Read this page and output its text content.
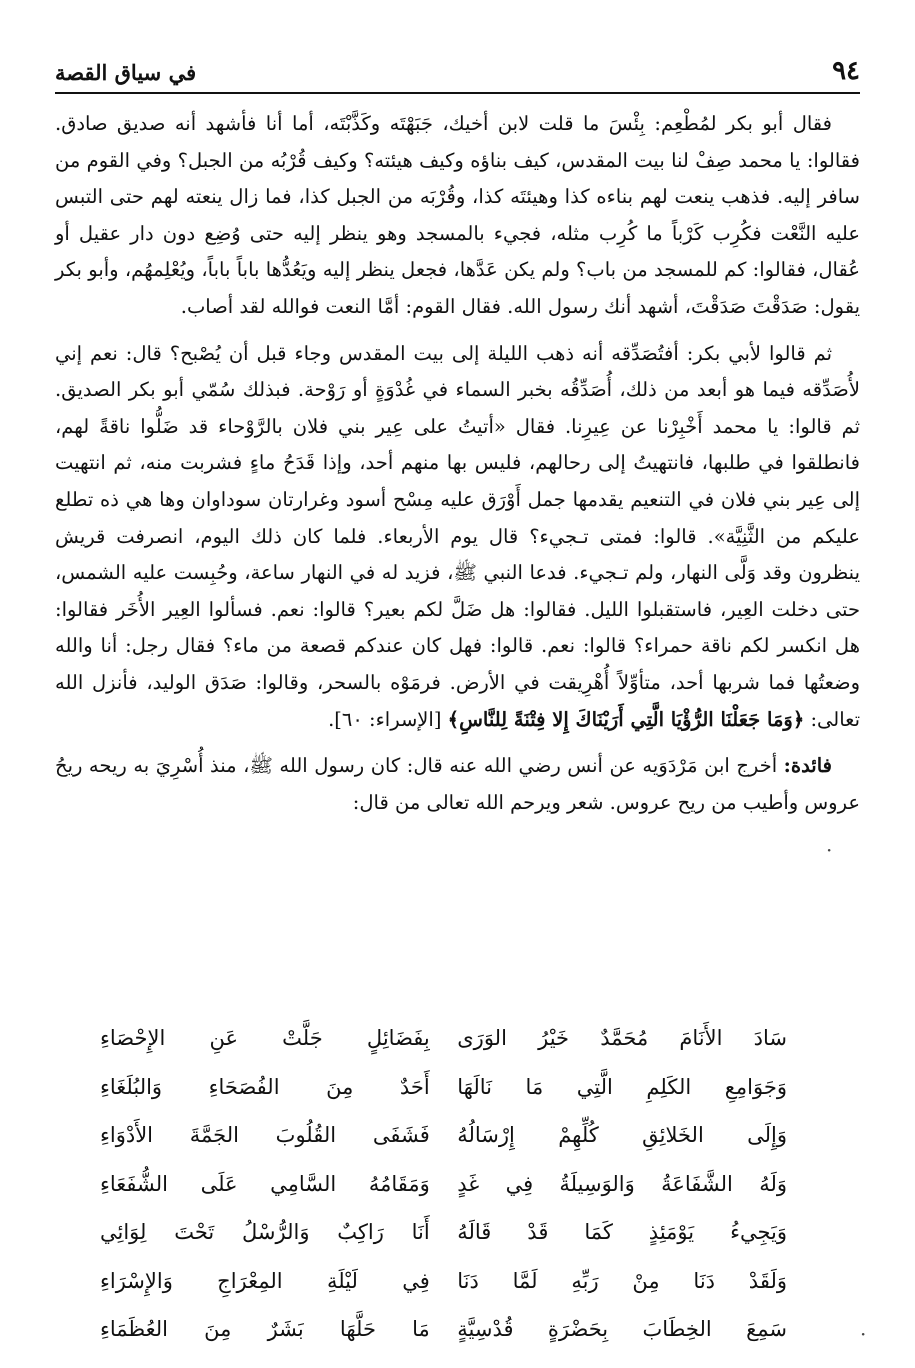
٩٤
في سياق القصة

فقال أبو بكر لمُطْعِم: بِئْسَ ما قلت لابن أخيك، جَبَهْتَه وكَذَّبْتَه، أما أنا فأشهد أنه صديق صادق. فقالوا: يا محمد صِفْ لنا بيت المقدس، كيف بناؤه وكيف هيئته؟ وكيف قُرْبُه من الجبل؟ وفي القوم من سافر إليه. فذهب ينعت لهم بناءه كذا وهيئتَه كذا، وقُرْبَه من الجبل كذا، فما زال ينعته لهم حتى التبس عليه النَّعْت فكُرِب كَرْباً ما كُرِب مثله، فجيء بالمسجد وهو ينظر إليه حتى وُضِع دون دار عقيل أو عُقال، فقالوا: كم للمسجد من باب؟ ولم يكن عَدَّها، فجعل ينظر إليه ويَعُدُّها باباً باباً، ويُعْلِمهُم، وأبو بكر يقول: صَدَقْتَ صَدَقْتَ، أشهد أنك رسول الله. فقال القوم: أمَّا النعت فوالله لقد أصاب.

ثم قالوا لأبي بكر: أفتُصَدِّقه أنه ذهب الليلة إلى بيت المقدس وجاء قبل أن يُصْبح؟ قال: نعم إني لأُصَدِّقه فيما هو أبعد من ذلك، أُصَدِّقُه بخبر السماء في غُدْوَةٍ أو رَوْحة. فبذلك سُمّي أبو بكر الصديق. ثم قالوا: يا محمد أَخْبِرْنا عن عِيرِنا. فقال «أتيتُ على عِير بني فلان بالرَّوْحاء قد ضَلُّوا ناقةً لهم، فانطلقوا في طلبها، فانتهيتُ إلى رحالهم، فليس بها منهم أحد، وإذا قَدَحُ ماءٍ فشربت منه، ثم انتهيت إلى عِير بني فلان في التنعيم يقدمها جمل أَوْرَق عليه مِسْح أسود وغرارتان سوداوان وها هي ذه تطلع عليكم من الثَّنِيَّة». قالوا: فمتى تـجيء؟ قال يوم الأربعاء. فلما كان ذلك اليوم، انصرفت قريش ينظرون وقد وَلَّى النهار، ولم تـجيء. فدعا النبي ﷺ، فزيد له في النهار ساعة، وحُبِست عليه الشمس، حتى دخلت العِير، فاستقبلوا الليل. فقالوا: هل ضَلَّ لكم بعير؟ قالوا: نعم. فسألوا العِير الأُخَر فقالوا: هل انكسر لكم ناقة حمراء؟ قالوا: نعم. قالوا: فهل كان عندكم قصعة من ماء؟ فقال رجل: أنا والله وضعتُها فما شربها أحد، متأوِّلاً أُهْرِيقت في الأرض. فرمَوْه بالسحر، وقالوا: صَدَق الوليد، فأنزل الله تعالى: ﴿وَمَا جَعَلْنَا الرُّؤْيَا الَّتِي أَرَيْنَاكَ إِلا فِتْنَةً لِلنَّاسِ﴾ [الإسراء: ٦٠].

فائدة: أخرج ابن مَرْدَوَيه عن أنس رضي الله عنه قال: كان رسول الله ﷺ، منذ أُسْرِيَ به ريحه ريحُ عروس وأطيب من ريح عروس. شعر ويرحم الله تعالى من قال:

سَادَ الأَنَامَ مُحَمَّدٌ خَيْرُ الوَرَى
بِفَضَائِلٍ جَلَّتْ عَنِ الإِحْصَاءِ
وَجَوَامِعِ الكَلِمِ الَّتِي مَا نَالَهَا
أَحَدٌ مِنَ الفُصَحَاءِ وَالبُلَغَاءِ
وَإِلَى الخَلائِقِ كُلِّهِمْ إِرْسَالُهُ
فَشَفَى القُلُوبَ الجَمَّةَ الأَدْوَاءِ
وَلَهُ الشَّفَاعَةُ وَالوَسِيلَةُ فِي غَدٍ
وَمَقَامُهُ السَّامِي عَلَى الشُّفَعَاءِ
وَيَجِيءُ يَوْمَئِذٍ كَمَا قَدْ قَالَهُ
أَنَا رَاكِبٌ وَالرُّسْلُ تَحْتَ لِوَائِي
وَلَقَدْ دَنَا مِنْ رَبِّهِ لَمَّا دَنَا
فِي لَيْلَةِ المِعْرَاجِ وَالإِسْرَاءِ
سَمِعَ الخِطَابَ بِحَضْرَةٍ قُدْسِيَّةٍ
مَا حَلَّهَا بَشَرٌ مِنَ العُظَمَاءِ
·
·
